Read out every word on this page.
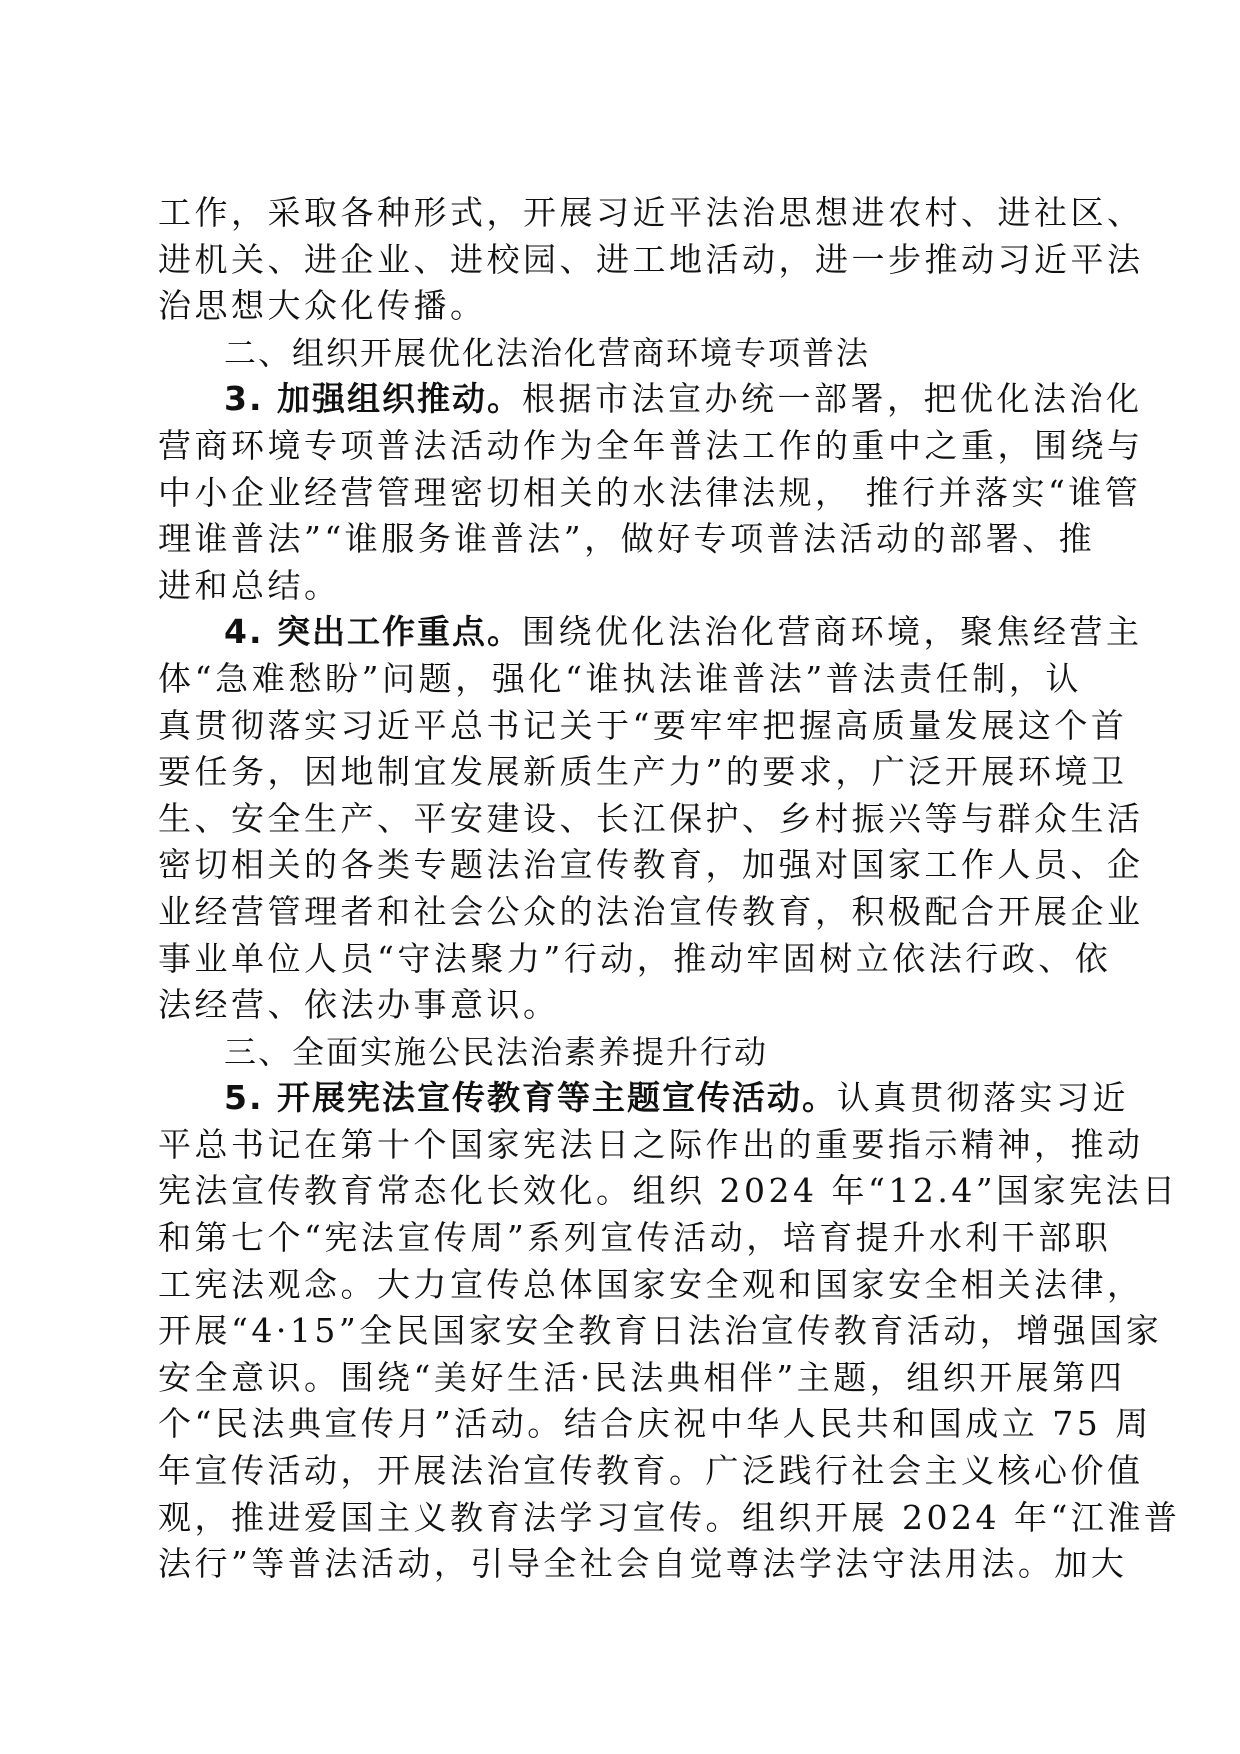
工作，采取各种形式，开展习近平法治思想进农村、进社区、
进机关、进企业、进校园、进工地活动，进一步推动习近平法
治思想大众化传播。
二、组织开展优化法治化营商环境专项普法
3. 加强组织推动。根据市法宣办统一部署，把优化法治化
营商环境专项普法活动作为全年普法工作的重中之重，围绕与
中小企业经营管理密切相关的水法律法规， 推行并落实“谁管
理谁普法”“谁服务谁普法”，做好专项普法活动的部署、推
进和总结。
4. 突出工作重点。围绕优化法治化营商环境，聚焦经营主
体“急难愁盼”问题，强化“谁执法谁普法”普法责任制，认
真贯彻落实习近平总书记关于“要牢牢把握高质量发展这个首
要任务，因地制宜发展新质生产力”的要求，广泛开展环境卫
生、安全生产、平安建设、长江保护、乡村振兴等与群众生活
密切相关的各类专题法治宣传教育，加强对国家工作人员、企
业经营管理者和社会公众的法治宣传教育，积极配合开展企业
事业单位人员“守法聚力”行动，推动牢固树立依法行政、依
法经营、依法办事意识。
三、全面实施公民法治素养提升行动
5. 开展宪法宣传教育等主题宣传活动。认真贯彻落实习近
平总书记在第十个国家宪法日之际作出的重要指示精神，推动
宪法宣传教育常态化长效化。组织 2024 年“12.4”国家宪法日
和第七个“宪法宣传周”系列宣传活动，培育提升水利干部职
工宪法观念。大力宣传总体国家安全观和国家安全相关法律，
开展“4·15”全民国家安全教育日法治宣传教育活动，增强国家
安全意识。围绕“美好生活·民法典相伴”主题，组织开展第四
个“民法典宣传月”活动。结合庆祝中华人民共和国成立 75 周
年宣传活动，开展法治宣传教育。广泛践行社会主义核心价值
观，推进爱国主义教育法学习宣传。组织开展 2024 年“江淮普
法行”等普法活动，引导全社会自觉尊法学法守法用法。加大
